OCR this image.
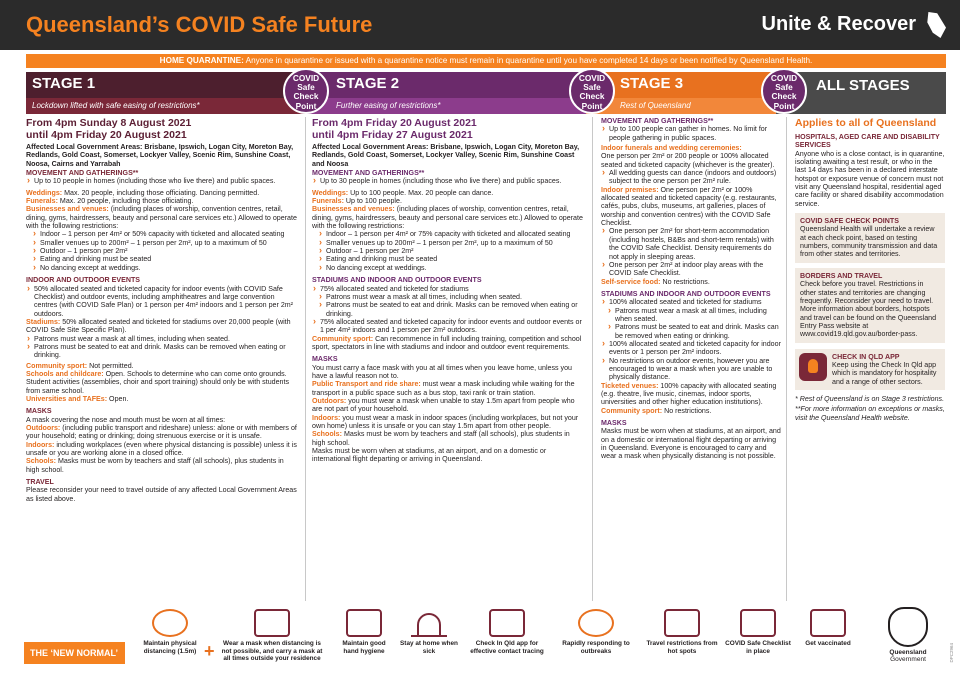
Queensland’s COVID Safe Future	Unite & Recover
HOME QUARANTINE: Anyone in quarantine or issued with a quarantine notice must remain in quarantine until you have completed 14 days or been notified by Queensland Health.
STAGE 1
Lockdown lifted with safe easing of restrictions*
STAGE 2
Further easing of restrictions*
STAGE 3
Rest of Queensland
ALL STAGES
COVID
Safe
Check
Point
COVID
Safe
Check
Point
COVID
Safe
Check
Point
From 4pm Sunday 8 August 2021
until 4pm Friday 20 August 2021
Affected Local Government Areas: Brisbane, Ipswich, Logan City, Moreton Bay, Redlands, Gold Coast, Somerset, Lockyer Valley, Scenic Rim, Sunshine Coast, Noosa, Cairns and Yarrabah
MOVEMENT AND GATHERINGS**
› Up to 10 people in homes (including those who live there) and public spaces.
Weddings: Max. 20 people, including those officiating. Dancing permitted.
Funerals: Max. 20 people, including those officiating.
Businesses and venues: (including places of worship, convention centres, retail, dining, gyms, hairdressers, beauty and personal care services etc.) Allowed to operate with the following restrictions:
› Indoor – 1 person per 4m² or 50% capacity with ticketed and allocated seating
› Smaller venues up to 200m² – 1 person per 2m², up to a maximum of 50
› Outdoor – 1 person per 2m²
› Eating and drinking must be seated
› No dancing except at weddings.
INDOOR AND OUTDOOR EVENTS
› 50% allocated seated and ticketed capacity for indoor events (with COVID Safe Checklist) and outdoor events, including amphitheatres and large convention centres (with COVID Safe Plan) or 1 person per 4m² indoors and 1 person per 2m² outdoors.
Stadiums: 50% allocated seated and ticketed for stadiums over 20,000 people (with COVID Safe Site Specific Plan).
› Patrons must wear a mask at all times, including when seated.
› Patrons must be seated to eat and drink. Masks can be removed when eating or drinking.
Community sport: Not permitted.
Schools and childcare: Open. Schools to determine who can come onto grounds. Student activities (assemblies, choir and sport training) should only be with students from same school.
Universities and TAFEs: Open.
MASKS
A mask covering the nose and mouth must be worn at all times:
Outdoors: (including public transport and rideshare) unless: alone or with members of your household; eating or drinking; doing strenuous exercise or it is unsafe.
Indoors: including workplaces (even where physical distancing is possible) unless it is unsafe or you are working alone in a closed office.
Schools: Masks must be worn by teachers and staff (all schools), plus students in high school.
TRAVEL
Please reconsider your need to travel outside of any affected Local Government Areas as listed above.
From 4pm Friday 20 August 2021
until 4pm Friday 27 August 2021
Affected Local Government Areas: Brisbane, Ipswich, Logan City, Moreton Bay, Redlands, Gold Coast, Somerset, Lockyer Valley, Scenic Rim, Sunshine Coast and Noosa
MOVEMENT AND GATHERINGS**
› Up to 30 people in homes (including those who live there) and public spaces.
Weddings: Up to 100 people. Max. 20 people can dance.
Funerals: Up to 100 people.
Businesses and venues: (including places of worship, convention centres, retail, dining, gyms, hairdressers, beauty and personal care services etc.) Allowed to operate with the following restrictions:
› Indoor – 1 person per 4m² or 75% capacity with ticketed and allocated seating
› Smaller venues up to 200m² – 1 person per 2m², up to a maximum of 50
› Outdoor – 1 person per 2m²
› Eating and drinking must be seated
› No dancing except at weddings.
STADIUMS AND INDOOR AND OUTDOOR EVENTS
› 75% allocated seated and ticketed for stadiums
› Patrons must wear a mask at all times, including when seated.
› Patrons must be seated to eat and drink. Masks can be removed when eating or drinking.
› 75% allocated seated and ticketed capacity for indoor events and outdoor events or 1 per 4m² indoors and 1 person per 2m² outdoors.
Community sport: Can recommence in full including training, competition and school sport, spectators in line with stadiums and indoor and outdoor event requirements.
MASKS
You must carry a face mask with you at all times when you leave home, unless you have a lawful reason not to.
Public Transport and ride share: must wear a mask including while waiting for the transport in a public space such as a bus stop, taxi rank or train station.
Outdoors: you must wear a mask when unable to stay 1.5m apart from people who are not part of your household.
Indoors: you must wear a mask in indoor spaces (including workplaces, but not your own home) unless it is unsafe or you can stay 1.5m apart from other people.
Schools: Masks must be worn by teachers and staff (all schools), plus students in high school.
Masks must be worn when at stadiums, at an airport, and on a domestic or international flight departing or arriving in Queensland.
MOVEMENT AND GATHERINGS**
› Up to 100 people can gather in homes. No limit for people gathering in public spaces.
Indoor funerals and wedding ceremonies:
One person per 2m² or 200 people or 100% allocated seated and ticketed capacity (whichever is the greater).
› All wedding guests can dance (indoors and outdoors) subject to the one person per 2m² rule.
Indoor premises: One person per 2m² or 100% allocated seated and ticketed capacity (e.g. restaurants, cafés, pubs, clubs, museums, art galleries, places of worship and convention centres) with the COVID Safe Checklist.
› One person per 2m² for short-term accommodation (including hostels, B&Bs and short-term rentals) with the COVID Safe Checklist. Density requirements do not apply in sleeping areas.
› One person per 2m² at indoor play areas with the COVID Safe Checklist.
Self-service food: No restrictions.
STADIUMS AND INDOOR AND OUTDOOR EVENTS
› 100% allocated seated and ticketed for stadiums
› Patrons must wear a mask at all times, including when seated.
› Patrons must be seated to eat and drink. Masks can be removed when eating or drinking.
› 100% allocated seated and ticketed capacity for indoor events or 1 person per 2m² indoors.
› No restrictions on outdoor events, however you are encouraged to wear a mask when you are unable to physically distance.
Ticketed venues: 100% capacity with allocated seating (e.g. theatre, live music, cinemas, indoor sports, universities and other higher education institutions).
Community sport: No restrictions.
MASKS
Masks must be worn when at stadiums, at an airport, and on a domestic or international flight departing or arriving in Queensland. Everyone is encouraged to carry and wear a mask when physically distancing is not possible.
Applies to all of Queensland
HOSPITALS, AGED CARE AND DISABILITY SERVICES
Anyone who is a close contact, is in quarantine, isolating awaiting a test result, or who in the last 14 days has been in a declared interstate hotspot or exposure venue of concern must not visit any Queensland hospital, residential aged care facility or shared disability accommodation service.
COVID SAFE CHECK POINTS
Queensland Health will undertake a review at each check point, based on testing numbers, community transmission and data from other states and territories.
BORDERS AND TRAVEL
Check before you travel. Restrictions in other states and territories are changing frequently. Reconsider your need to travel. More information about borders, hotspots and travel can be found on the Queensland Entry Pass website at www.covid19.qld.gov.au/border-pass.
CHECK IN QLD APP
Keep using the Check In Qld app which is mandatory for hospitality and a range of other sectors.
* Rest of Queensland is on Stage 3 restrictions.
**For more information on exceptions or masks, visit the Queensland Health website.
THE ‘NEW NORMAL’	+
Maintain physical distancing (1.5m)
Wear a mask when distancing is not possible, and carry a mask at all times outside your residence
Maintain good hand hygiene
Stay at home when sick
Check In Qld app for effective contact tracing
Rapidly responding to outbreaks
Travel restrictions from hot spots
COVID Safe Checklist in place
Get vaccinated
Queensland
Government	DPC2964
